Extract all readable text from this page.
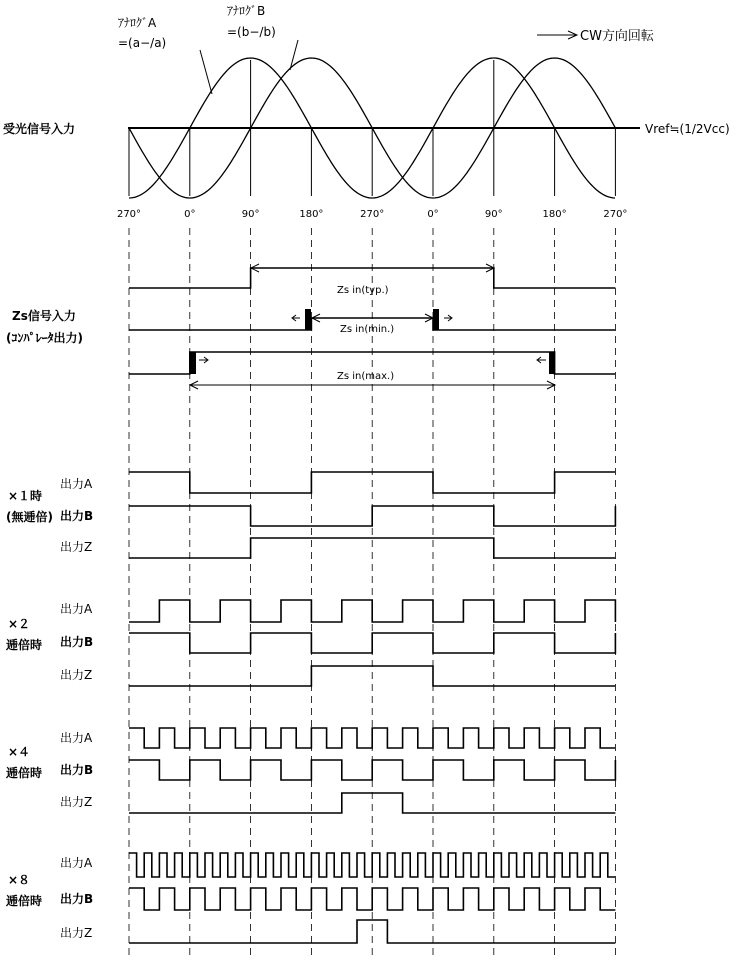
270°	0°	90°	180°	270°	0°	90°	180°	270°
ｱﾅﾛｸﾞA
=(a−/a)
ｱﾅﾛｸﾞB
=(b−/b)	CW方向回転
受光信号入力	Vref≒(1/2Vcc)
Zs信号入力
(ｺﾝﾊﾟﾚｰﾀ出力)
Zs in(typ.)
Zs in(min.)
Zs in(max.)
×１時
(無逓倍)
出力A
出力B
出力Z
×２
逓倍時
出力A
出力B
出力Z
×４
逓倍時
出力A
出力B
出力Z
×８
逓倍時
出力A
出力B
出力Z
